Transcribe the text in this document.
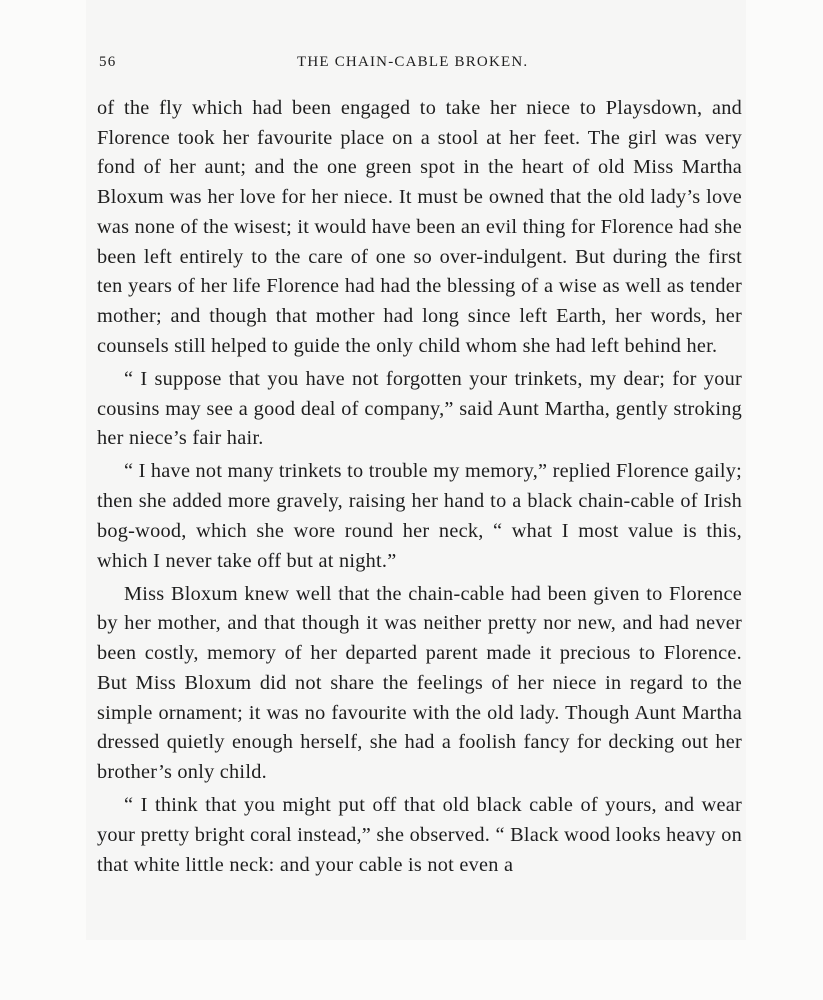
56	THE CHAIN-CABLE BROKEN.

of the fly which had been engaged to take her niece to Playsdown, and Florence took her favourite place on a stool at her feet. The girl was very fond of her aunt; and the one green spot in the heart of old Miss Martha Bloxum was her love for her niece. It must be owned that the old lady’s love was none of the wisest; it would have been an evil thing for Florence had she been left entirely to the care of one so over-indulgent. But during the first ten years of her life Florence had had the blessing of a wise as well as tender mother; and though that mother had long since left Earth, her words, her counsels still helped to guide the only child whom she had left behind her.

“ I suppose that you have not forgotten your trinkets, my dear; for your cousins may see a good deal of company,” said Aunt Martha, gently stroking her niece’s fair hair.

“ I have not many trinkets to trouble my memory,” replied Florence gaily; then she added more gravely, raising her hand to a black chain-cable of Irish bog-wood, which she wore round her neck, “ what I most value is this, which I never take off but at night.”

Miss Bloxum knew well that the chain-cable had been given to Florence by her mother, and that though it was neither pretty nor new, and had never been costly, memory of her departed parent made it precious to Florence. But Miss Bloxum did not share the feelings of her niece in regard to the simple ornament; it was no favourite with the old lady. Though Aunt Martha dressed quietly enough herself, she had a foolish fancy for decking out her brother’s only child.

“ I think that you might put off that old black cable of yours, and wear your pretty bright coral instead,” she observed. “ Black wood looks heavy on that white little neck: and your cable is not even a
